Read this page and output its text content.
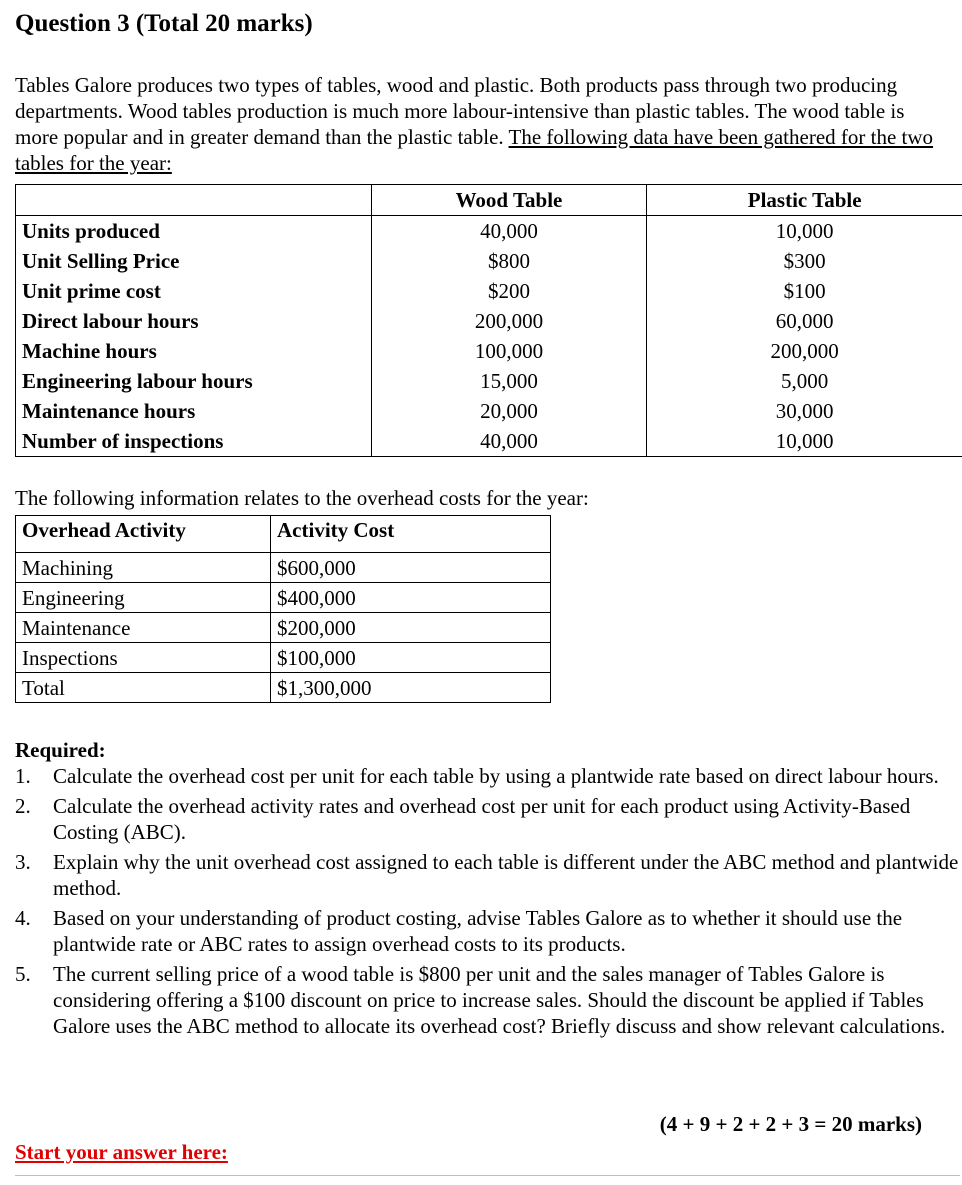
Question 3 (Total 20 marks)
Tables Galore produces two types of tables, wood and plastic. Both products pass through two producing departments. Wood tables production is much more labour-intensive than plastic tables. The wood table is more popular and in greater demand than the plastic table. The following data have been gathered for the two tables for the year:
	Wood Table	Plastic Table
Units produced	40,000	10,000
Unit Selling Price	$800	$300
Unit prime cost	$200	$100
Direct labour hours	200,000	60,000
Machine hours	100,000	200,000
Engineering labour hours	15,000	5,000
Maintenance hours	20,000	30,000
Number of inspections	40,000	10,000
The following information relates to the overhead costs for the year:
Overhead Activity	Activity Cost
Machining	$600,000
Engineering	$400,000
Maintenance	$200,000
Inspections	$100,000
Total	$1,300,000
Required:
1. Calculate the overhead cost per unit for each table by using a plantwide rate based on direct labour hours.
2. Calculate the overhead activity rates and overhead cost per unit for each product using Activity-Based Costing (ABC).
3. Explain why the unit overhead cost assigned to each table is different under the ABC method and plantwide method.
4. Based on your understanding of product costing, advise Tables Galore as to whether it should use the plantwide rate or ABC rates to assign overhead costs to its products.
5. The current selling price of a wood table is $800 per unit and the sales manager of Tables Galore is considering offering a $100 discount on price to increase sales. Should the discount be applied if Tables Galore uses the ABC method to allocate its overhead cost? Briefly discuss and show relevant calculations.
(4 + 9 + 2 + 2 + 3 = 20 marks)
Start your answer here:
